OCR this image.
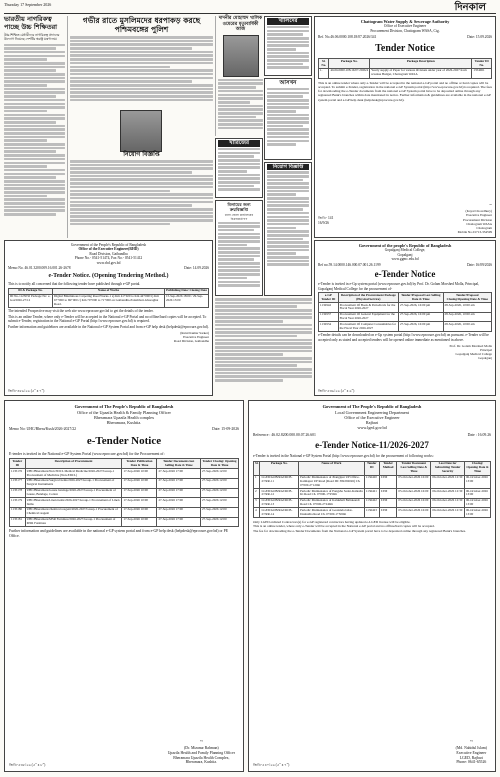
Thursday 17 September 2026	দিনকাল
ভারতীয় নাগরিকত্ব পাচ্ছে উচ্চ শিক্ষিতরা
উচ্চ শিক্ষিত মেধাবীদের নাগরিকত্ব প্রদানের উদ্যোগ নিয়েছে দেশটির স্বরাষ্ট্র মন্ত্রণালয়।
গভীর রাতে মুসলিমদের ধরপাকড় করছে পশ্চিমবঙ্গের পুলিশ
নিয়োগ বিজ্ঞপ্তি
Government of the People's Republic of Bangladesh
Office of the Executive Engineer(RHD)
Road Division, Gaibandha
Phone No.- 0541-51474, Fax No.- 0541-51412
www.rhd.gov.bd
Memo No. 46.01.3200.009.16.001.26-2678	Date: 14.09.2026
e-Tender Notice. (Opening Tendering Method.)
This is to notify all concerned that the following tender have published through e-GP portal.
ID & Package No.	Name of Works	Publishing Date/ Closing Date
ID No-1123032 Package No: e-Gai/2026-27/12	Digital Bituminous Carpeting Road Works-1 a) Km 41+020 to Km 44+000 b) Km 67+000 to 69+000 c) Km 70+000 to 71+000 on Gaibandha-Palashbari-Ghoraghat Road.	15-Sep-2026 18:00 / 29-Sep-2026 13:00
The intended Prospective may visit the web site www.eprocure.gov.bd to get the details of the tender.
This is an online Tender, where only e-Tender will be accepted in the National e-GP Portal and no offline/hard copies will be accepted. To submit e-Tender, registration in the National e-GP Portal (http://www.eprocure.gov.bd) is required.
Further information and guidelines are available in the National e-GP System Portal and from e-GP help desk (helpdesk@eprocure.gov.bd).
(Ratul Kumar Sarker)
Executive Engineer
Road Division, Gaibandha
জিডি-৩৫৬/২৬ (৫" x ৭")
দাদনীর মোহাম্মদ খালিক ওমেরের মৃত্যুবার্ষিকী আজ
খারিজের
বিলামের জন্য ক্রয়বিজ্ঞপ্তি
মালা জেলা কার্যালয়ের বিক্রয়কর্তাগণ
খালিদের
আসখন
নিয়োগ বিজ্ঞপ্তি
Chattogram Water Supply & Sewerage Authority
Office of Executive Engineer
Procurement Division, Chattogram WASA, Ctg.
Ref. No.46.06.0000.108.18/07.2026/341	Date: 15.09.2026
Tender Notice
Sl. No.	Package No.	Package Description	Tender ID No.
1.	46.06.0000.108.16/07.2026/4	Yearly supply of Paper for various divisions under year of 2026-2027 from revenue Budget, Chattogram WASA	1354061
This is an online tender where only e-Tender will be accepted in the national e-GP portal and no offline or hard copies will be accepted. To submit e-Tender, registration in the national e-GP System portal (http://www.eprocure.gov.bd) is required. The fees for downloading the e-Tender documents from the national e-GP System portal have to be deposited online through any registered Bank's branches within date mentioned in notice. Further information & guidelines are available in the national e-GP system portal and e-GP help desk (helpdesk@eprocure.gov.bd).
জিডি- 141
16/9/26
~
(Kayal Chowdhury)
Executive Engineer
Procurement Division
Chattogram WASA
Chattogram
Mobile No.01713-334599
Government of the people's Republic of Bangladesh
Gopalganj Medical College,
Gopalganj
www.ggmc.edu.bd
Ref no.59.14.0000.146.000.07.001.26.1199	Date: 16/09/2026
e-Tender Notice
e-Tender is invited in e-Gp system portal (www.eprocure.gov.bd) by Prof. Dr. Golam Morshed Molla, Principal, Gopalganj Medical College for the procurement of-
e-GP Tender ID	Description of the Procurement Package (Physical Service)	Tender/Proposal Last Selling Date & Time	Tender/Proposal Closing/Opening Date & Time
1132942	Procurement Of Book & Periodicals for the Fiscal Year 2026-2027	27-Sep-2026, 16:00 pm	28-Sep-2026, 10:00 am
1132937	Procurement Of General Equipment for the Fiscal Year 2026-2027	27-Sep-2026, 16:00 pm	28-Sep-2026, 10:00 am
1132934	Procurement Of Computer Consumables for the Fiscal Year 2026-2027	27-Sep-2026, 16:00 pm	28-Sep-2026, 10:00 am
e-Tender details can be downloaded on e-Gp system portal (http://www.eprocure.gov.bd) on pursuant. e-Tender will be accepted only as stated and accepted tenders will be opened online immediate as mentioned in above.
Prof. Dr. Golam Morshed Molla
Principal
Gopalganj Medical College
Gopalganj
জিডি-৫৩৬/২৬ (৫" x ৬")
Government of The People's Republic of Bangladesh
Office of the Upazila Health & Family Planning Officer
Bheramara Upazila Health complex
Bheramara, Kushtia.
Memo No: UHC/Bhera/Kush/2026-2027/22	Date: 15-09-2026
e-Tender Notice
E-tender is invited in the National e-GP System Portal (www.eprocure.gov.bd) for the Procurement of:
Tender ID	Description of Procurement	Tender Publication Date & Time	Tender Documents last Selling Date & Time	Tender Closing/ Opening Date & Time
1135176	UHC/Bheramara/Non EDCL Medical Medicine/2026-2027/Group-1 Procurement of Medicine (Non-EDCL)	17-Sep-2026 10:00	27-Sep-2026 17:00	27-Sep-2026 12:00
1135177	UHC/Bheramara/Surgical items/2026-2027/Group-1 Procurement of Surgical Instruments	17-Sep-2026 10:00	27-Sep-2026 17:00	27-Sep-2026 12:00
1135178	UHC/Bheramara/Gauze bandage/2026-2027/Group-1 Procurement of Gauze, Bandage, Cotton	17-Sep-2026 10:00	27-Sep-2026 17:00	27-Sep-2026 12:00
1135179	UHC/Bheramara/Linen items/2026-2027/Group-1 Procurement of Linen Items	17-Sep-2026 10:00	27-Sep-2026 17:00	27-Sep-2026 12:00
1135180	UHC/Bheramara/chemical reagent/2026-2027/Group-1 Procurement of Chemical reagent	17-Sep-2026 10:00	27-Sep-2026 17:00	27-Sep-2026 12:00
1135181	UHC/Bheramara/MSR Furniture/2026-2027/Group-1 Procurement of MSR Furniture	17-Sep-2026 10:00	27-Sep-2026 17:00	27-Sep-2026 12:00
Further information and guidelines are available in the national e-GP system portal and from e-GP help desk (helpdesk@eprocure.gov.bd) or PE Office.
~
(Dr. Mizanur Rahman)
Upazila Health and Family Planning Officer
Bheramara Upazila Health Complex,
Bheramara, Kushtia.
জিডি-৫৩৮/২৬ (৫" x ৮")
Government of The People's Republic of Bangladesh
Local Government Engineering Department
Office of the Executive Engineer
Rajbari
www.lged.gov.bd
Reference : 46.02.8200.000.00.07.26.601	Date : 16.09.26
e-Tender Notice-11/2026-2027
e-Tender is invited in the National e-GP System Portal (http://www.eprocure.gov.bd) for the procurement of following works:
Sl.	Package No.	Name of Work	Tender ID	Tender Method	Tender Document Last Selling Date & Time	Last Date for Submitting Tender Security	Closing/ Opening Date & Time
1	LGED/GOB/RAJ/RCB-27/RR-11	Periodic Maintenance of Jhangipur UP Office-Kamlapur UP Road (Road ID: 382292026) Ch. 0+000-2+120m	1136420	LTM	05-October-2026 16:00	06-October-2026 12:30	06-October-2026 13:00
2	LGED/GOB/RAJ/RCB-27/RR-12	Periodic Maintenance of Pangsha Sadar-Kalkalla Ki Road Ch. 0+000-1+950m	1136421	LTM	05-October-2026 16:00	06-October-2026 12:30	06-October-2026 13:00
3	LGED/GOB/RAJ/RCB-27/RR-13	Periodic Maintenance of Kalukhali Baliakandi Road Ch. 0+000-2+240m	1136422	LTM	05-October-2026 16:00	06-October-2026 12:30	06-October-2026 13:00
4	LGED/GOB/RAJ/RCB-27/RR-14	Periodic Maintenance of Goalanda Ghat-Daulatdia Road Ch. 0+000-1+500m	1136423	LTM	05-October-2026 16:00	06-October-2026 12:30	06-October-2026 13:00
Only LGED enlisted Contractors(s) for e-GP registered contractors having updated e-LGED license will be eligible.
This is an online tender, where only e-Tender will be accepted in the National e-GP portal and no offline/hard copies will be accepted.
The fee for downloading the e-Tender Documents from the National e-GP System portal have to be deposited online through any registered Bank's branches.
~
(Md. Nahidul Islam)
Executive Engineer
LGED, Rajbari
Phone: 0641-65526
জিডি-৫৪০/২৬ (৫" x ৭")
